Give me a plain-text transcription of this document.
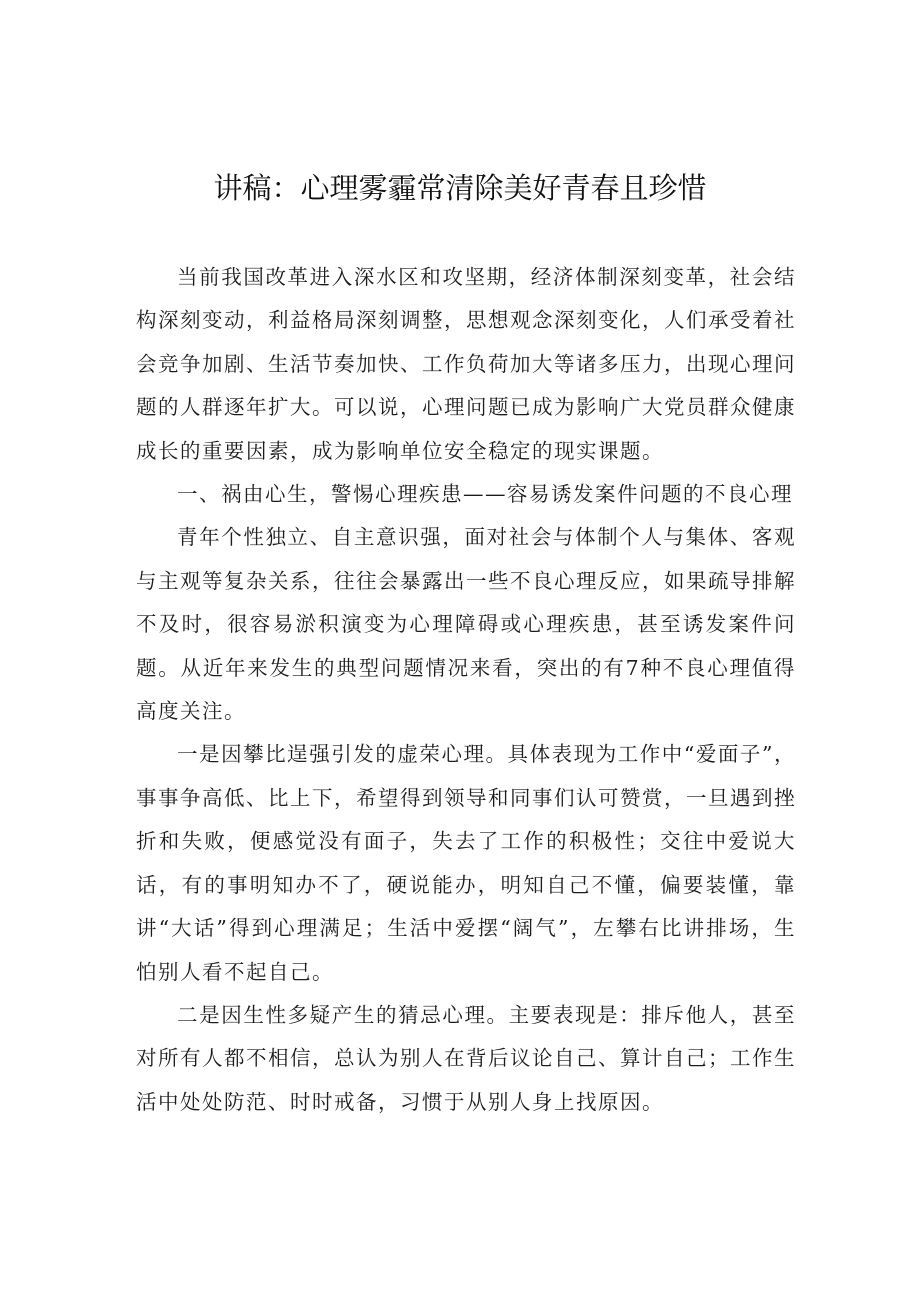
讲稿：心理雾霾常清除美好青春且珍惜

当前我国改革进入深水区和攻坚期，经济体制深刻变革，社会结构深刻变动，利益格局深刻调整，思想观念深刻变化，人们承受着社会竞争加剧、生活节奏加快、工作负荷加大等诸多压力，出现心理问题的人群逐年扩大。可以说，心理问题已成为影响广大党员群众健康成长的重要因素，成为影响单位安全稳定的现实课题。

一、祸由心生，警惕心理疾患——容易诱发案件问题的不良心理

青年个性独立、自主意识强，面对社会与体制个人与集体、客观与主观等复杂关系，往往会暴露出一些不良心理反应，如果疏导排解不及时，很容易淤积演变为心理障碍或心理疾患，甚至诱发案件问题。从近年来发生的典型问题情况来看，突出的有7种不良心理值得高度关注。

一是因攀比逞强引发的虚荣心理。具体表现为工作中“爱面子”，事事争高低、比上下，希望得到领导和同事们认可赞赏，一旦遇到挫折和失败，便感觉没有面子，失去了工作的积极性；交往中爱说大话，有的事明知办不了，硬说能办，明知自己不懂，偏要装懂，靠讲“大话”得到心理满足；生活中爱摆“阔气”，左攀右比讲排场，生怕别人看不起自己。

二是因生性多疑产生的猜忌心理。主要表现是：排斥他人，甚至对所有人都不相信，总认为别人在背后议论自己、算计自己；工作生活中处处防范、时时戒备，习惯于从别人身上找原因。
